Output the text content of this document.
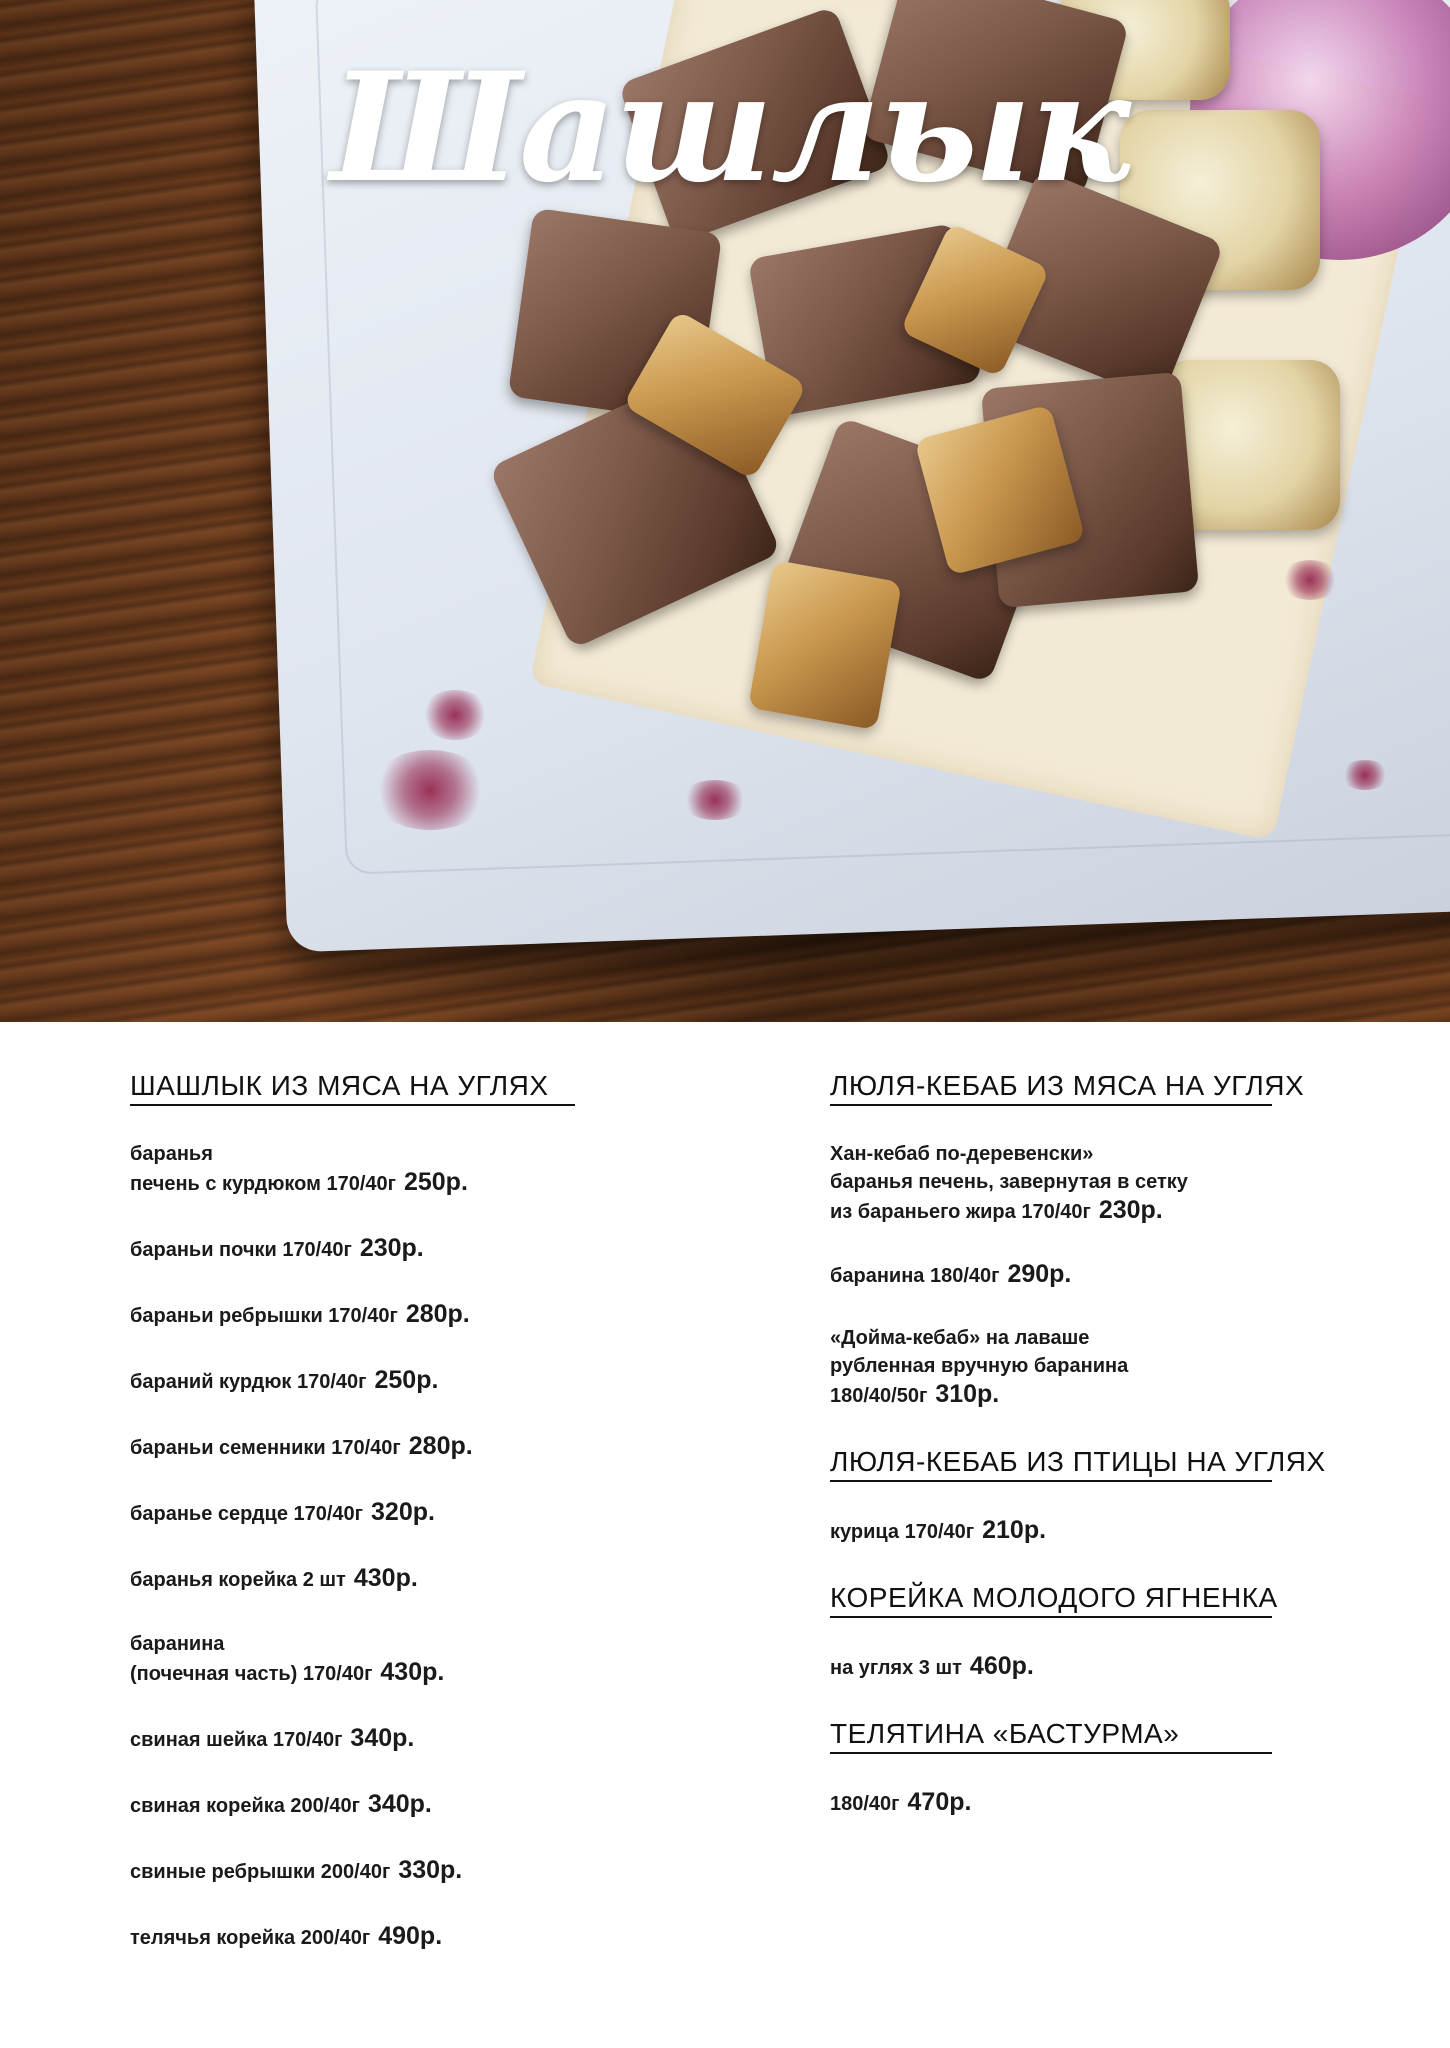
Шашлык
ШАШЛЫК ИЗ МЯСА НА УГЛЯХ
баранья
печень с курдюком 170/40г 250р.
бараньи почки 170/40г 230р.
бараньи ребрышки 170/40г 280р.
бараний курдюк 170/40г 250р.
бараньи семенники 170/40г 280р.
баранье сердце 170/40г 320р.
баранья корейка 2 шт 430р.
баранина
(почечная часть) 170/40г 430р.
свиная шейка 170/40г 340р.
свиная корейка 200/40г 340р.
свиные ребрышки 200/40г 330р.
телячья корейка 200/40г 490р.
ЛЮЛЯ-КЕБАБ ИЗ МЯСА НА УГЛЯХ
Хан-кебаб по-деревенски»
баранья печень, завернутая в сетку
из бараньего жира 170/40г 230р.
баранина 180/40г 290р.
«Дойма-кебаб» на лаваше
рубленная вручную баранина
180/40/50г 310р.
ЛЮЛЯ-КЕБАБ ИЗ ПТИЦЫ НА УГЛЯХ
курица 170/40г 210р.
КОРЕЙКА МОЛОДОГО ЯГНЕНКА
на углях 3 шт 460р.
ТЕЛЯТИНА «БАСТУРМА»
180/40г 470р.
